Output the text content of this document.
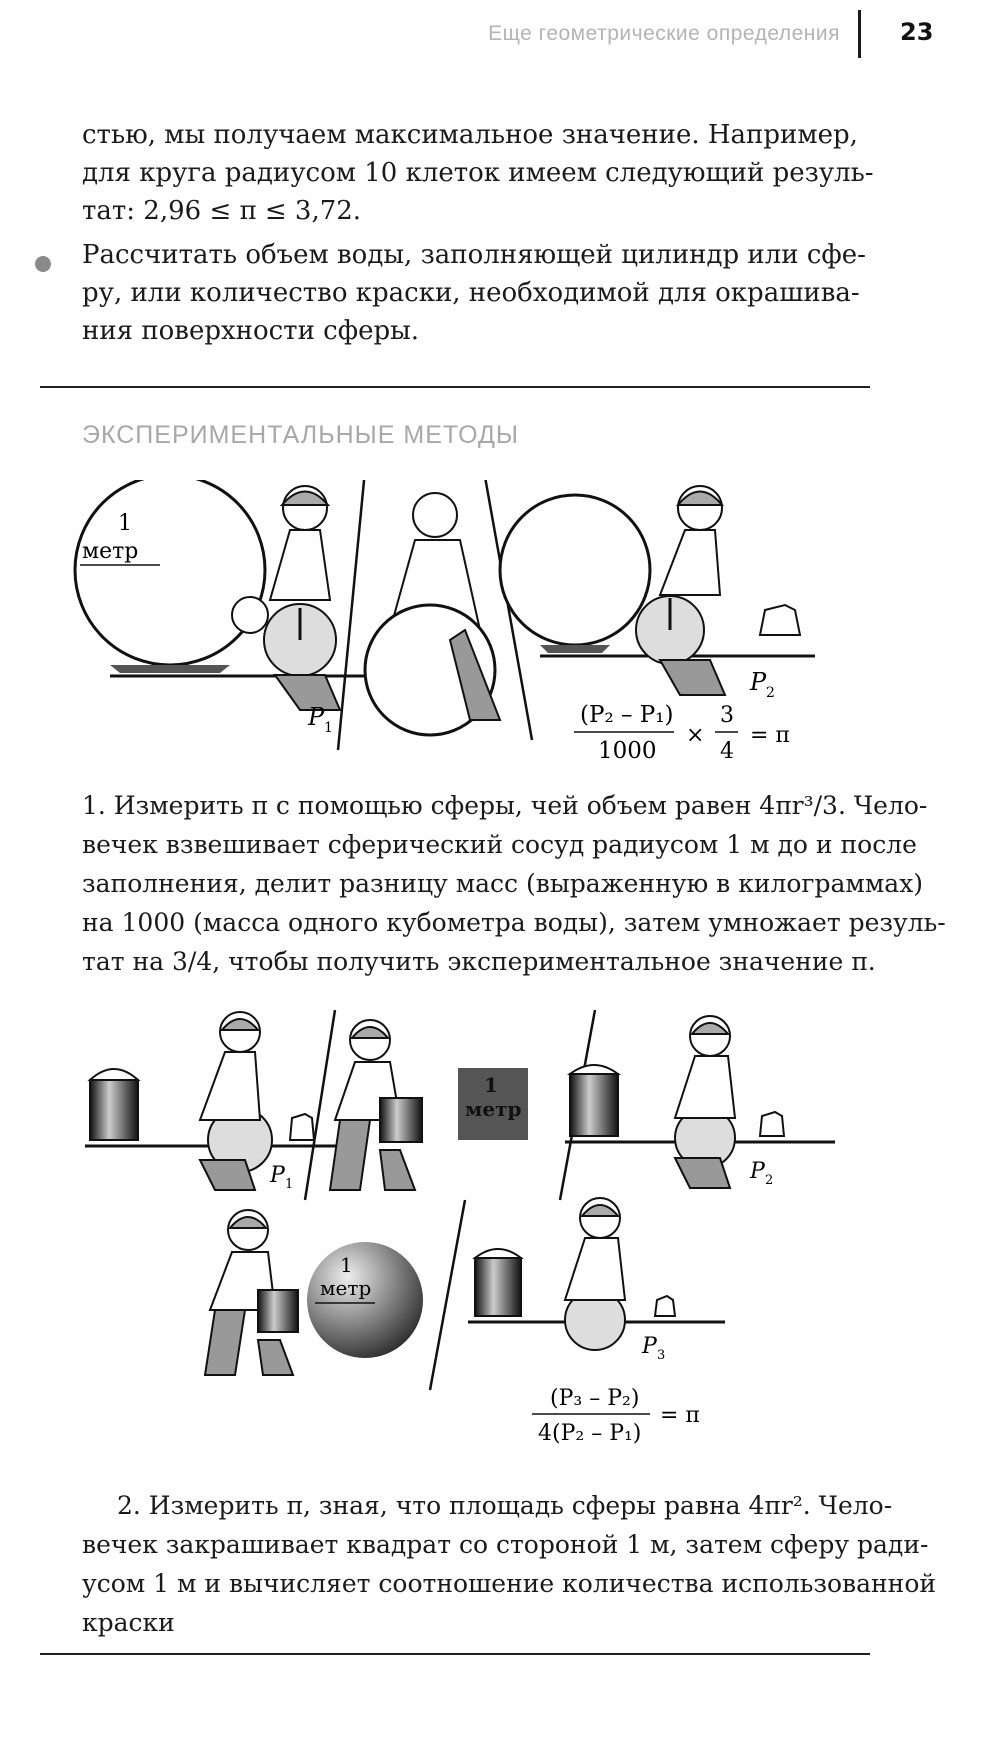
Еще геометрические определения	23
стью, мы получаем максимальное значение. Например,
для круга радиусом 10 клеток имеем следующий резуль-
тат: 2,96 ≤ π ≤ 3,72.
Рассчитать объем воды, заполняющей цилиндр или сфе-
ру, или количество краски, необходимой для окрашива-
ния поверхности сферы.
ЭКСПЕРИМЕНТАЛЬНЫЕ МЕТОДЫ
1
метр
P 1
P 2
(P₂ – P₁)
1000
×
3
4
= π
1. Измерить π с помощью сферы, чей объем равен 4πr³/3. Чело-
вечек взвешивает сферический сосуд радиусом 1 м до и после
заполнения, делит разницу масс (выраженную в килограммах)
на 1000 (масса одного кубометра воды), затем умножает резуль-
тат на 3/4, чтобы получить экспериментальное значение π.
P 1
1
метр
P 2
1
метр
P 3
(P₃ – P₂)
4(P₂ – P₁)
= π
2. Измерить π, зная, что площадь сферы равна 4πr². Чело-
вечек закрашивает квадрат со стороной 1 м, затем сферу ради-
усом 1 м и вычисляет соотношение количества использованной
краски
